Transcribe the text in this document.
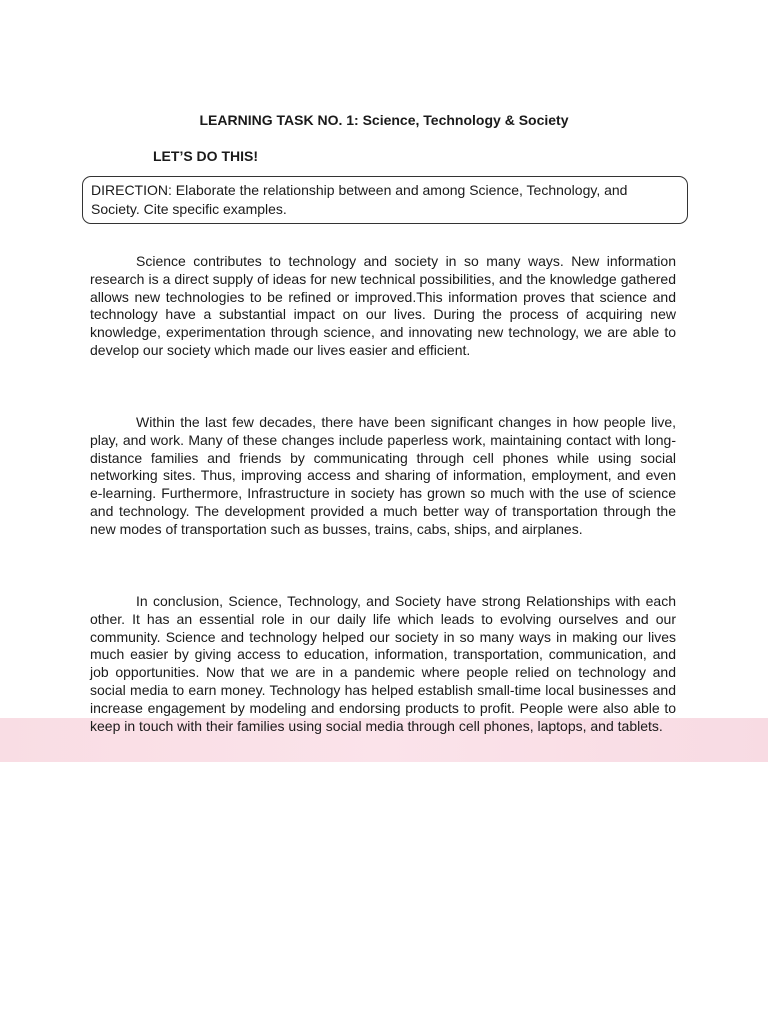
LEARNING TASK NO. 1: Science, Technology & Society
LET’S DO THIS!
DIRECTION: Elaborate the relationship between and among Science, Technology, and Society. Cite specific examples.

Science contributes to technology and society in so many ways. New information research is a direct supply of ideas for new technical possibilities, and the knowledge gathered allows new technologies to be refined or improved.This information proves that science and technology have a substantial impact on our lives. During the process of acquiring new knowledge, experimentation through science, and innovating new technology, we are able to develop our society which made our lives easier and efficient.

Within the last few decades, there have been significant changes in how people live, play, and work. Many of these changes include paperless work, maintaining contact with long-distance families and friends by communicating through cell phones while using social networking sites. Thus, improving access and sharing of information, employment, and even e-learning. Furthermore, Infrastructure in society has grown so much with the use of science and technology. The development provided a much better way of transportation through the new modes of transportation such as busses, trains, cabs, ships, and airplanes.

In conclusion, Science, Technology, and Society have strong Relationships with each other. It has an essential role in our daily life which leads to evolving ourselves and our community. Science and technology helped our society in so many ways in making our lives much easier by giving access to education, information, transportation, communication, and job opportunities. Now that we are in a pandemic where people relied on technology and social media to earn money. Technology has helped establish small-time local businesses and increase engagement by modeling and endorsing products to profit. People were also able to keep in touch with their families using social media through cell phones, laptops, and tablets.
